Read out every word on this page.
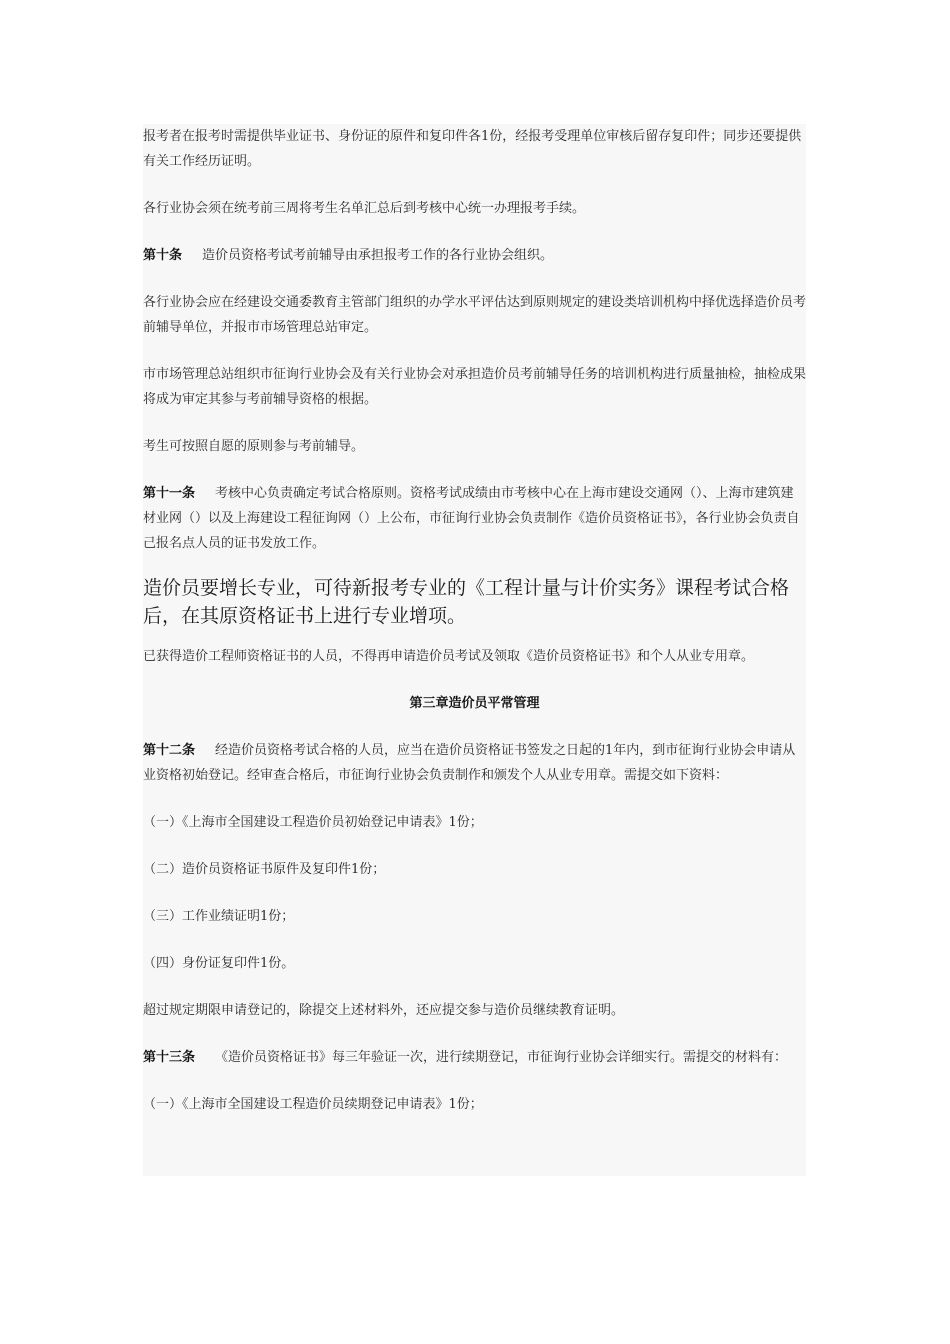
报考者在报考时需提供毕业证书、身份证的原件和复印件各1份，经报考受理单位审核后留存复印件；同步还要提供有关工作经历证明。

各行业协会须在统考前三周将考生名单汇总后到考核中心统一办理报考手续。

第十条 造价员资格考试考前辅导由承担报考工作的各行业协会组织。

各行业协会应在经建设交通委教育主管部门组织的办学水平评估达到原则规定的建设类培训机构中择优选择造价员考前辅导单位，并报市市场管理总站审定。

市市场管理总站组织市征询行业协会及有关行业协会对承担造价员考前辅导任务的培训机构进行质量抽检，抽检成果将成为审定其参与考前辅导资格的根据。

考生可按照自愿的原则参与考前辅导。

第十一条 考核中心负责确定考试合格原则。资格考试成绩由市考核中心在上海市建设交通网（）、上海市建筑建材业网（）以及上海建设工程征询网（）上公布，市征询行业协会负责制作《造价员资格证书》，各行业协会负责自己报名点人员的证书发放工作。

造价员要增长专业，可待新报考专业的《工程计量与计价实务》课程考试合格后，在其原资格证书上进行专业增项。

已获得造价工程师资格证书的人员，不得再申请造价员考试及领取《造价员资格证书》和个人从业专用章。

第三章造价员平常管理

第十二条 经造价员资格考试合格的人员，应当在造价员资格证书签发之日起的1年内，到市征询行业协会申请从业资格初始登记。经审查合格后，市征询行业协会负责制作和颁发个人从业专用章。需提交如下资料：

（一）《上海市全国建设工程造价员初始登记申请表》1份；

（二）造价员资格证书原件及复印件1份；

（三）工作业绩证明1份；

（四）身份证复印件1份。

超过规定期限申请登记的，除提交上述材料外，还应提交参与造价员继续教育证明。

第十三条 《造价员资格证书》每三年验证一次，进行续期登记，市征询行业协会详细实行。需提交的材料有：

（一）《上海市全国建设工程造价员续期登记申请表》1份；
